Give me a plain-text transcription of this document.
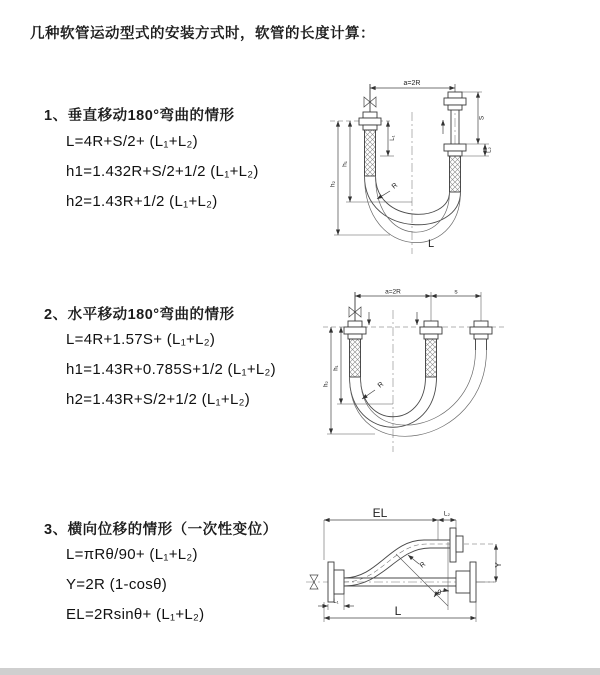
几种软管运动型式的安装方式时，软管的长度计算：
1、垂直移动180°弯曲的情形
L=4R+S/2+ (L₁+L₂)
h1=1.432R+S/2+1/2 (L₁+L₂)
h2=1.43R+1/2 (L₁+L₂)
2、水平移动180°弯曲的情形
L=4R+1.57S+ (L₁+L₂)
h1=1.43R+0.785S+1/2 (L₁+L₂)
h2=1.43R+S/2+1/2 (L₁+L₂)
3、横向位移的情形（一次性变位）
L=πRθ/90+ (L₁+L₂)
Y=2R (1-cosθ)
EL=2Rsinθ+ (L₁+L₂)
a=2R
h₁
h₂
L₁
S
L₂
R
L
a=2R	s
h₁
h₂	R
EL	L₂
L
L₁
Y
θ
R
